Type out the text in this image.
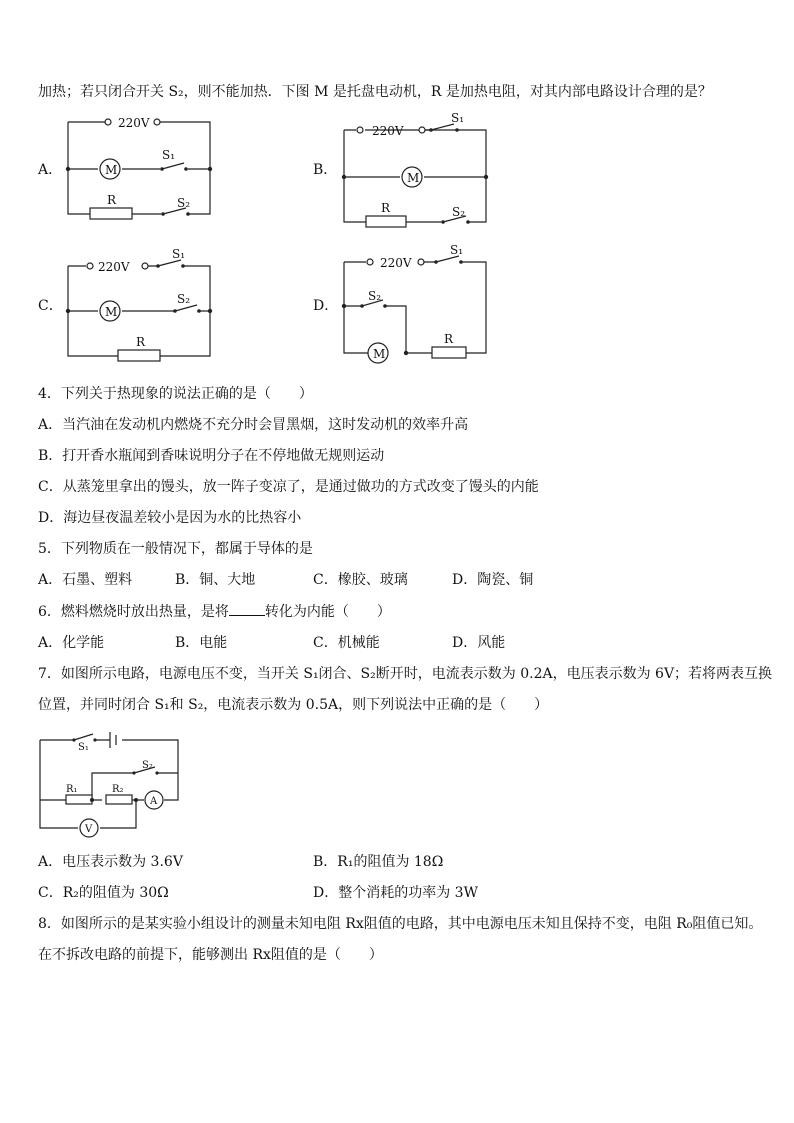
加热；若只闭合开关 S₂，则不能加热．下图 M 是托盘电动机，R 是加热电阻，对其内部电路设计合理的是？
A．
220V
M
S₁
R	S₂
B．
220V
S₁
M
R	S₂
C．
220V
S₁
M
S₂
R
D．
220V
S₁
S₂
M
R
4．下列关于热现象的说法正确的是（　　）
A．当汽油在发动机内燃烧不充分时会冒黑烟，这时发动机的效率升高
B．打开香水瓶闻到香味说明分子在不停地做无规则运动
C．从蒸笼里拿出的馒头，放一阵子变凉了，是通过做功的方式改变了馒头的内能
D．海边昼夜温差较小是因为水的比热容小
5．下列物质在一般情况下，都属于导体的是
A．石墨、塑料	B．铜、大地	C．橡胶、玻璃	D．陶瓷、铜
6．燃料燃烧时放出热量，是将	转化为内能（　　）
A．化学能	B．电能	C．机械能	D．风能
7．如图所示电路，电源电压不变，当开关 S₁闭合、S₂断开时，电流表示数为 0.2A，电压表示数为 6V；若将两表互换
位置，并同时闭合 S₁和 S₂，电流表示数为 0.5A，则下列说法中正确的是（　　）
S₁
S₂
R₁	R₂
A
V
A．电压表示数为 3.6V	B．R₁的阻值为 18Ω
C．R₂的阻值为 30Ω	D．整个消耗的功率为 3W
8．如图所示的是某实验小组设计的测量未知电阻 Rx阻值的电路，其中电源电压未知且保持不变，电阻 R₀阻值已知。
在不拆改电路的前提下，能够测出 Rx阻值的是（　　）
